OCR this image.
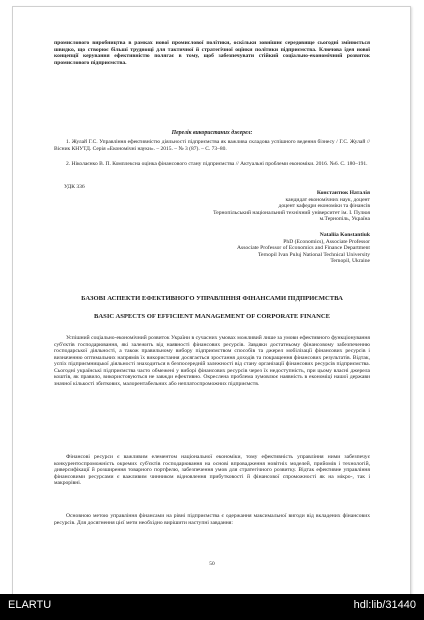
промислового виробництва в рамках нової промислової політики, оскільки зовнішнє середовище сьогодні змінюється швидко, що створює більші труднощі для тактичної й стратегічної оцінки політики підприємства. Ключова ідея нової концепції керування ефективністю полягає в тому, щоб забезпечувати стійкий соціально-економічний розвиток промислового підприємства.

Перелік використаних джерел:

1. Жулай Г.С. Управління ефективністю діяльності підприємства як важлива складова успішного ведення бізнесу / Г.С. Жулай // Вісник КНУТД. Серія «Економічні науки». – 2015. – № 3 (87). – С. 73–80.

2. Ніколаєнко В. П. Комплексна оцінка фінансового стану підприємства // Актуальні проблеми економіки. 2016. №6. С. 180–191.

УДК 336

Константюк Наталія
кандидат економічних наук, доцент
доцент кафедри економіки та фінансів
Тернопільський національний технічний університет ім. І. Пулюя
м.Тернопіль, Україна
Nataliia Konstantiuk
PhD (Economics), Associate Professor
Associate Professor of Economics and Finance Department
Ternopil Ivan Puluj National Technical University
Ternopil, Ukraine

БАЗОВІ АСПЕКТИ ЕФЕКТИВНОГО УПРАВЛІННЯ ФІНАНСАМИ ПІДПРИЄМСТВА

BASIC ASPECTS OF EFFICIENT MANAGEMENT OF CORPORATE FINANCE

Успішний соціально-економічний розвиток України в сучасних умовах можливий лише за умови ефективного функціонування суб'єктів господарювання, які залежить від наявності фінансових ресурсів. Завдяки достатньому фінансовому забезпеченню господарської діяльності, а також правильному вибору підприємством способів та джерел мобілізації фінансових ресурсів і визначенню оптимальних напрямів їх використання досягається зростання доходів та покращення фінансових результатів. Відтак, успіх підприємницької діяльності знаходиться в безпосередній залежності від стану організації фінансових ресурсів підприємства. Сьогодні українські підприємства часто обмежені у виборі фінансових ресурсів через їх недоступність, при цьому власні джерела коштів, як правило, використовуються не завжди ефективно. Окреслена проблема зумовлює наявність в економіці нашої держави значної кількості збиткових, малорентабельних або неплатоспроможних підприємств.

Фінансові ресурси є важливим елементом національної економіки, тому ефективність управління ними забезпечує конкурентоспроможність окремих суб'єктів господарювання на основі впровадження новітніх моделей, прийомів і технологій, диверсифікації й розширення товарного портфелю, забезпечення умов для стратегічного розвитку. Відтак ефективне управління фінансовими ресурсами є важливим чинником відновлення прибутковості й фінансової спроможності як на мікро-, так і макрорівні.

Основною метою управління фінансами на рівні підприємства є одержання максимальної вигоди від вкладених фінансових ресурсів. Для досягнення цієї мети необхідно вирішити наступні завдання:

50

ELARTU	hdl:lib/31440
